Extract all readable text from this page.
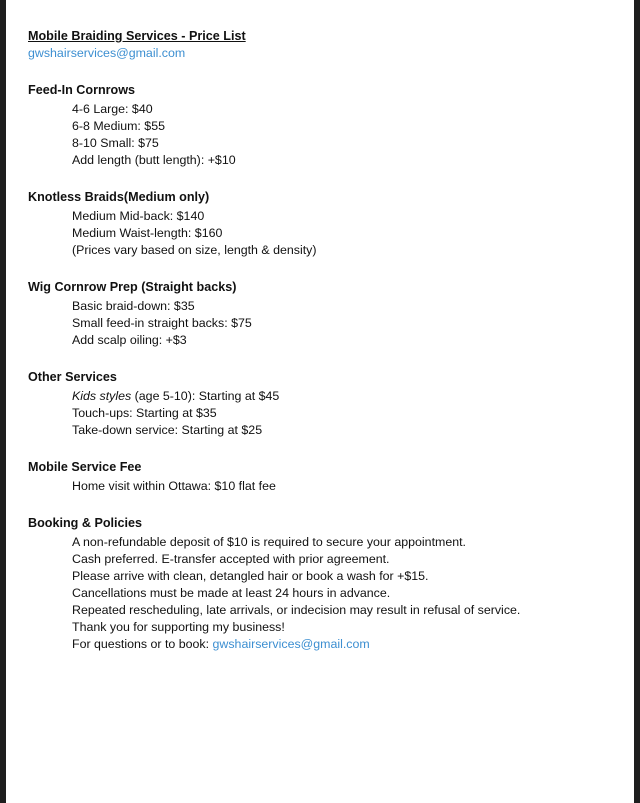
Mobile Braiding Services - Price List
gwshairservices@gmail.com
Feed-In Cornrows
4-6 Large: $40
6-8 Medium: $55
8-10 Small: $75
Add length (butt length): +$10
Knotless Braids(Medium only)
Medium Mid-back: $140
Medium Waist-length: $160
(Prices vary based on size, length & density)
Wig Cornrow Prep (Straight backs)
Basic braid-down: $35
Small feed-in straight backs: $75
Add scalp oiling: +$3
Other Services
Kids styles (age 5-10): Starting at $45
Touch-ups: Starting at $35
Take-down service: Starting at $25
Mobile Service Fee
Home visit within Ottawa: $10 flat fee
Booking & Policies
A non-refundable deposit of $10 is required to secure your appointment.
Cash preferred. E-transfer accepted with prior agreement.
Please arrive with clean, detangled hair or book a wash for +$15.
Cancellations must be made at least 24 hours in advance.
Repeated rescheduling, late arrivals, or indecision may result in refusal of service.
Thank you for supporting my business!
For questions or to book: gwshairservices@gmail.com
